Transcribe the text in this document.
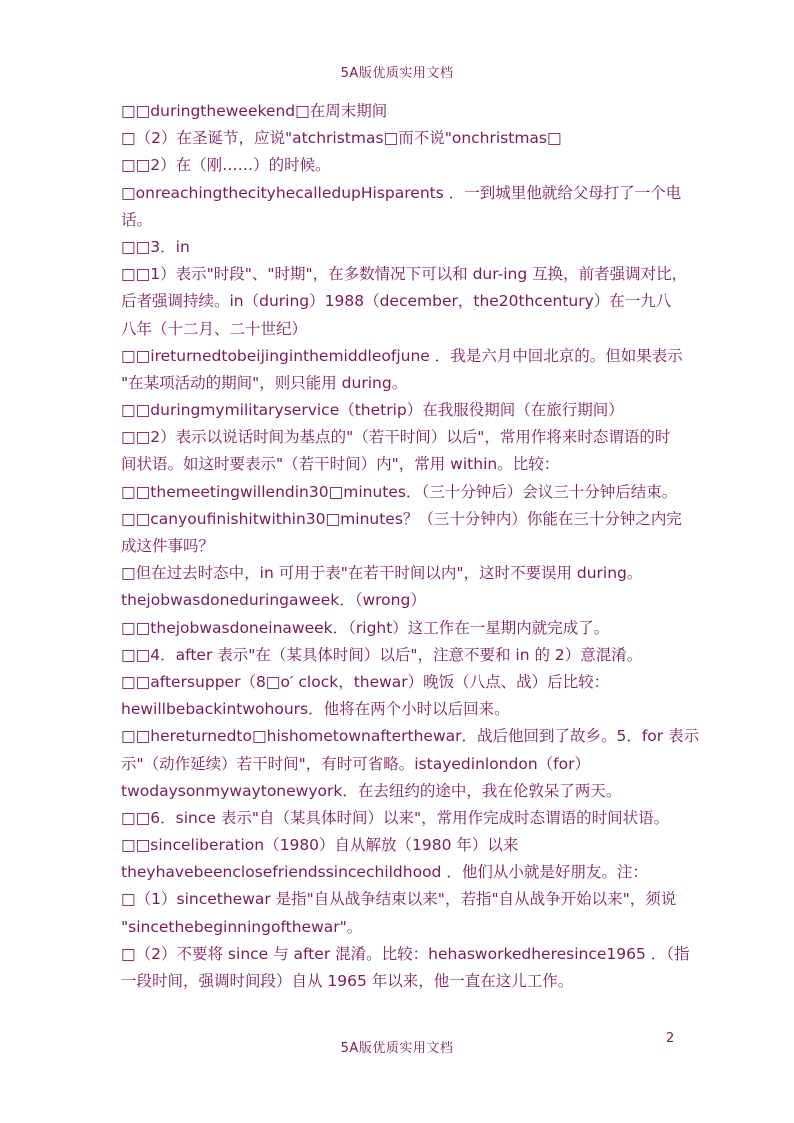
5A版优质实用文档
□□duringtheweekend□在周末期间
□（2）在圣诞节，应说"atchristmas□而不说"onchristmas□
□□2）在（刚……）的时候。
□onreachingthecityhecalledupHisparents ．一到城里他就给父母打了一个电
话。
□□3．in
□□1）表示"时段"、"时期"，在多数情况下可以和 dur-ing 互换，前者强调对比，
后者强调持续。in（during）1988（december，the20thcentury）在一九八
八年（十二月、二十世纪）
□□ireturnedtobeijinginthemiddleofjune ．我是六月中回北京的。但如果表示
"在某项活动的期间"，则只能用 during。
□□duringmymilitaryservice（thetrip）在我服役期间（在旅行期间）
□□2）表示以说话时间为基点的"（若干时间）以后"，常用作将来时态谓语的时
间状语。如这时要表示"（若干时间）内"，常用 within。比较：
□□themeetingwillendin30□minutes．（三十分钟后）会议三十分钟后结束。
□□canyoufinishitwithin30□minutes？（三十分钟内）你能在三十分钟之内完
成这件事吗？
□但在过去时态中，in 可用于表"在若干时间以内"，这时不要误用 during。
thejobwasdoneduringaweek．（wrong）
□□thejobwasdoneinaweek．（right）这工作在一星期内就完成了。
□□4．after 表示"在（某具体时间）以后"，注意不要和 in 的 2）意混淆。
□□aftersupper（8□o′ clock，thewar）晚饭（八点、战）后比较：
hewillbebackintwohours．他将在两个小时以后回来。
□□hereturnedto□hishometownafterthewar．战后他回到了故乡。5．for 表示
示"（动作延续）若干时间"，有时可省略。istayedinlondon（for）
twodaysonmywaytonewyork．在去纽约的途中，我在伦敦呆了两天。
□□6．since 表示"自（某具体时间）以来"，常用作完成时态谓语的时间状语。
□□sinceliberation（1980）自从解放（1980 年）以来
theyhavebeenclosefriendssincechildhood ．他们从小就是好朋友。注：
□（1）sincethewar 是指"自从战争结束以来"，若指"自从战争开始以来"，须说
"sincethebeginningofthewar"。
□（2）不要将 since 与 after 混淆。比较：hehasworkedheresince1965 ．（指
一段时间，强调时间段）自从 1965 年以来，他一直在这儿工作。
2
5A版优质实用文档
